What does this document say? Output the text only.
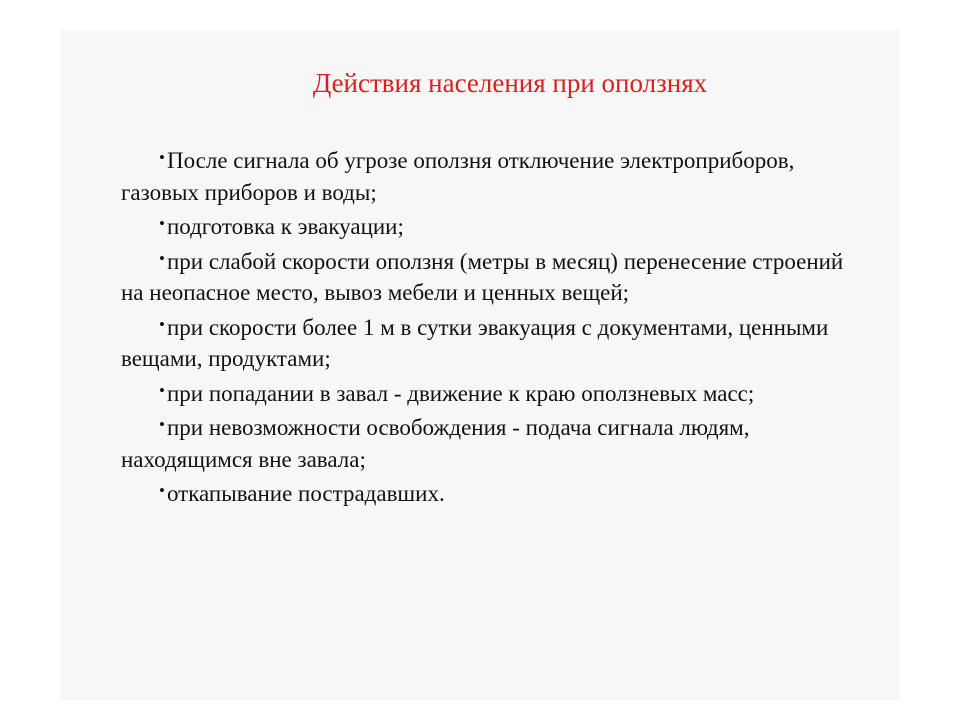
Действия населения при оползнях
•После сигнала об угрозе оползня отключение электроприборов, газовых приборов и воды;
•подготовка к эвакуации;
•при слабой скорости оползня (метры в месяц) перенесение строений на неопасное место, вывоз мебели и ценных вещей;
•при скорости более 1 м в сутки эвакуация с документами, ценными вещами, продуктами;
•при попадании в завал - движение к краю оползневых масс;
•при невозможности освобождения - подача сигнала людям, находящимся вне завала;
•откапывание пострадавших.
